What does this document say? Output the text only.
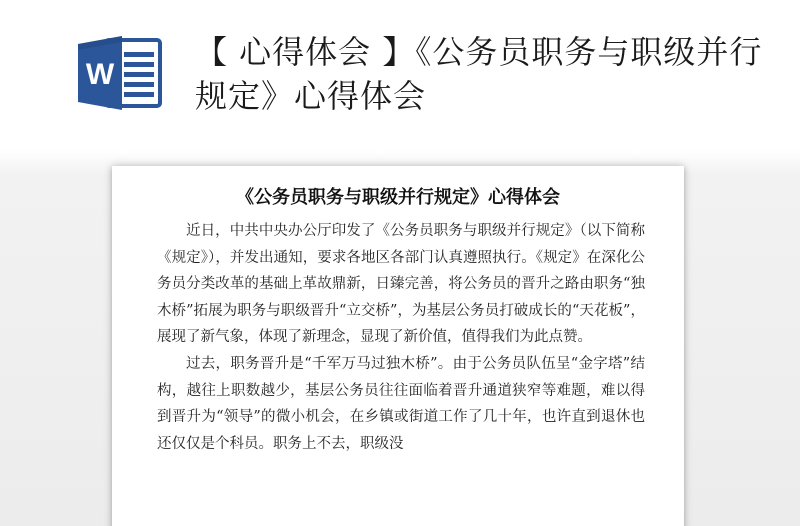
W
【 心得体会 】《公务员职务与职级并行规定》心得体会
《公务员职务与职级并行规定》心得体会

近日，中共中央办公厅印发了《公务员职务与职级并行规定》（以下简称《规定》），并发出通知，要求各地区各部门认真遵照执行。《规定》在深化公务员分类改革的基础上革故鼎新，日臻完善，将公务员的晋升之路由职务“独木桥”拓展为职务与职级晋升“立交桥”，为基层公务员打破成长的“天花板”，展现了新气象，体现了新理念，显现了新价值，值得我们为此点赞。

过去，职务晋升是“千军万马过独木桥”。由于公务员队伍呈“金字塔”结构，越往上职数越少，基层公务员往往面临着晋升通道狭窄等难题，难以得到晋升为“领导”的微小机会，在乡镇或街道工作了几十年，也许直到退休也还仅仅是个科员。职务上不去，职级没
